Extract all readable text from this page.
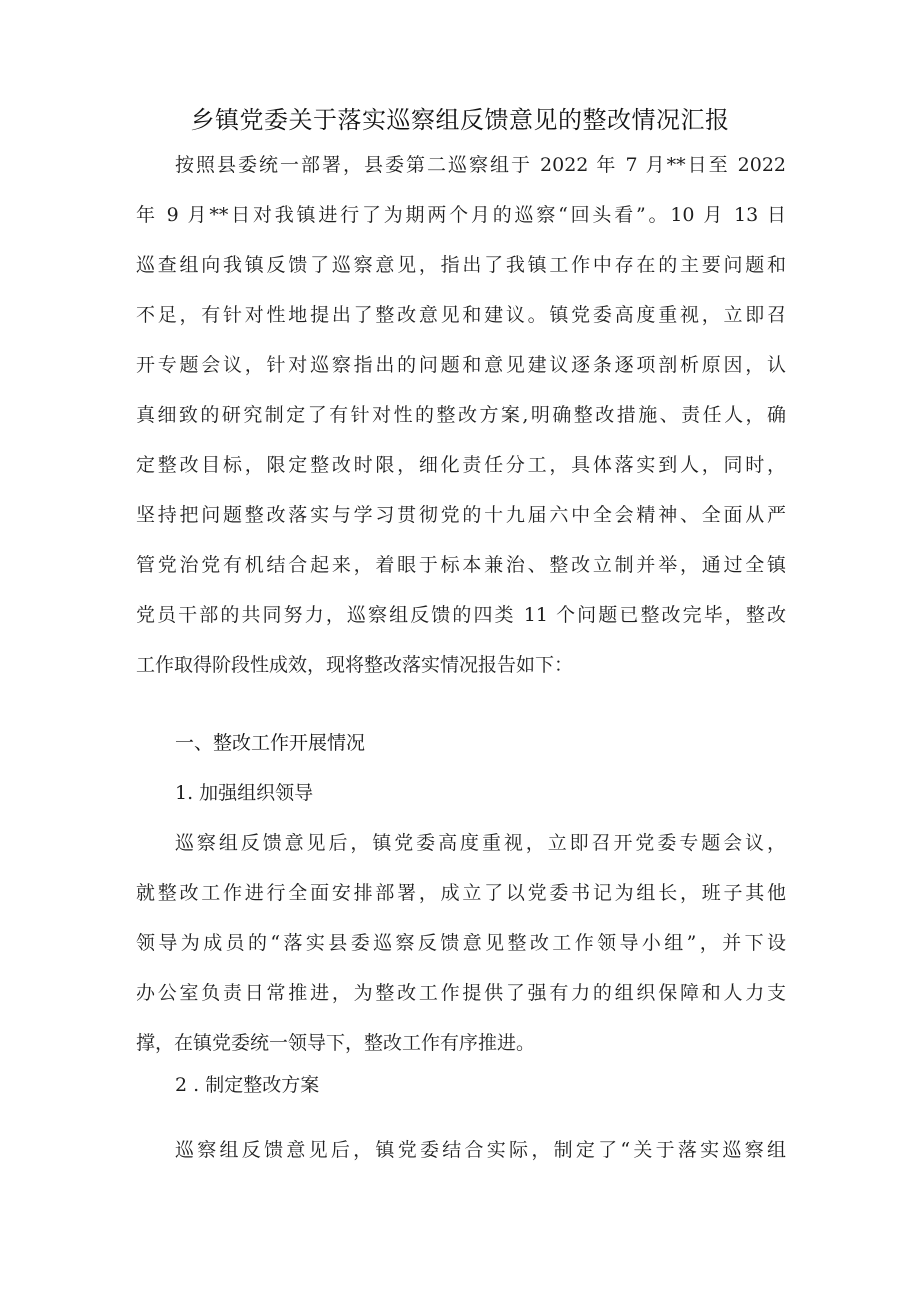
乡镇党委关于落实巡察组反馈意见的整改情况汇报
按照县委统一部署，县委第二巡察组于 2022 年 7 月**日至 2022
年 9 月**日对我镇进行了为期两个月的巡察“回头看”。10 月 13 日
巡查组向我镇反馈了巡察意见，指出了我镇工作中存在的主要问题和
不足，有针对性地提出了整改意见和建议。镇党委高度重视，立即召
开专题会议，针对巡察指出的问题和意见建议逐条逐项剖析原因，认
真细致的研究制定了有针对性的整改方案,明确整改措施、责任人，确
定整改目标，限定整改时限，细化责任分工，具体落实到人，同时，
坚持把问题整改落实与学习贯彻党的十九届六中全会精神、全面从严
管党治党有机结合起来，着眼于标本兼治、整改立制并举，通过全镇
党员干部的共同努力，巡察组反馈的四类 11 个问题已整改完毕，整改
工作取得阶段性成效，现将整改落实情况报告如下：
一、整改工作开展情况
1. 加强组织领导
巡察组反馈意见后，镇党委高度重视，立即召开党委专题会议，
就整改工作进行全面安排部署，成立了以党委书记为组长，班子其他
领导为成员的“落实县委巡察反馈意见整改工作领导小组”，并下设
办公室负责日常推进，为整改工作提供了强有力的组织保障和人力支
撑，在镇党委统一领导下，整改工作有序推进。
2 . 制定整改方案
巡察组反馈意见后，镇党委结合实际，制定了“关于落实巡察组
